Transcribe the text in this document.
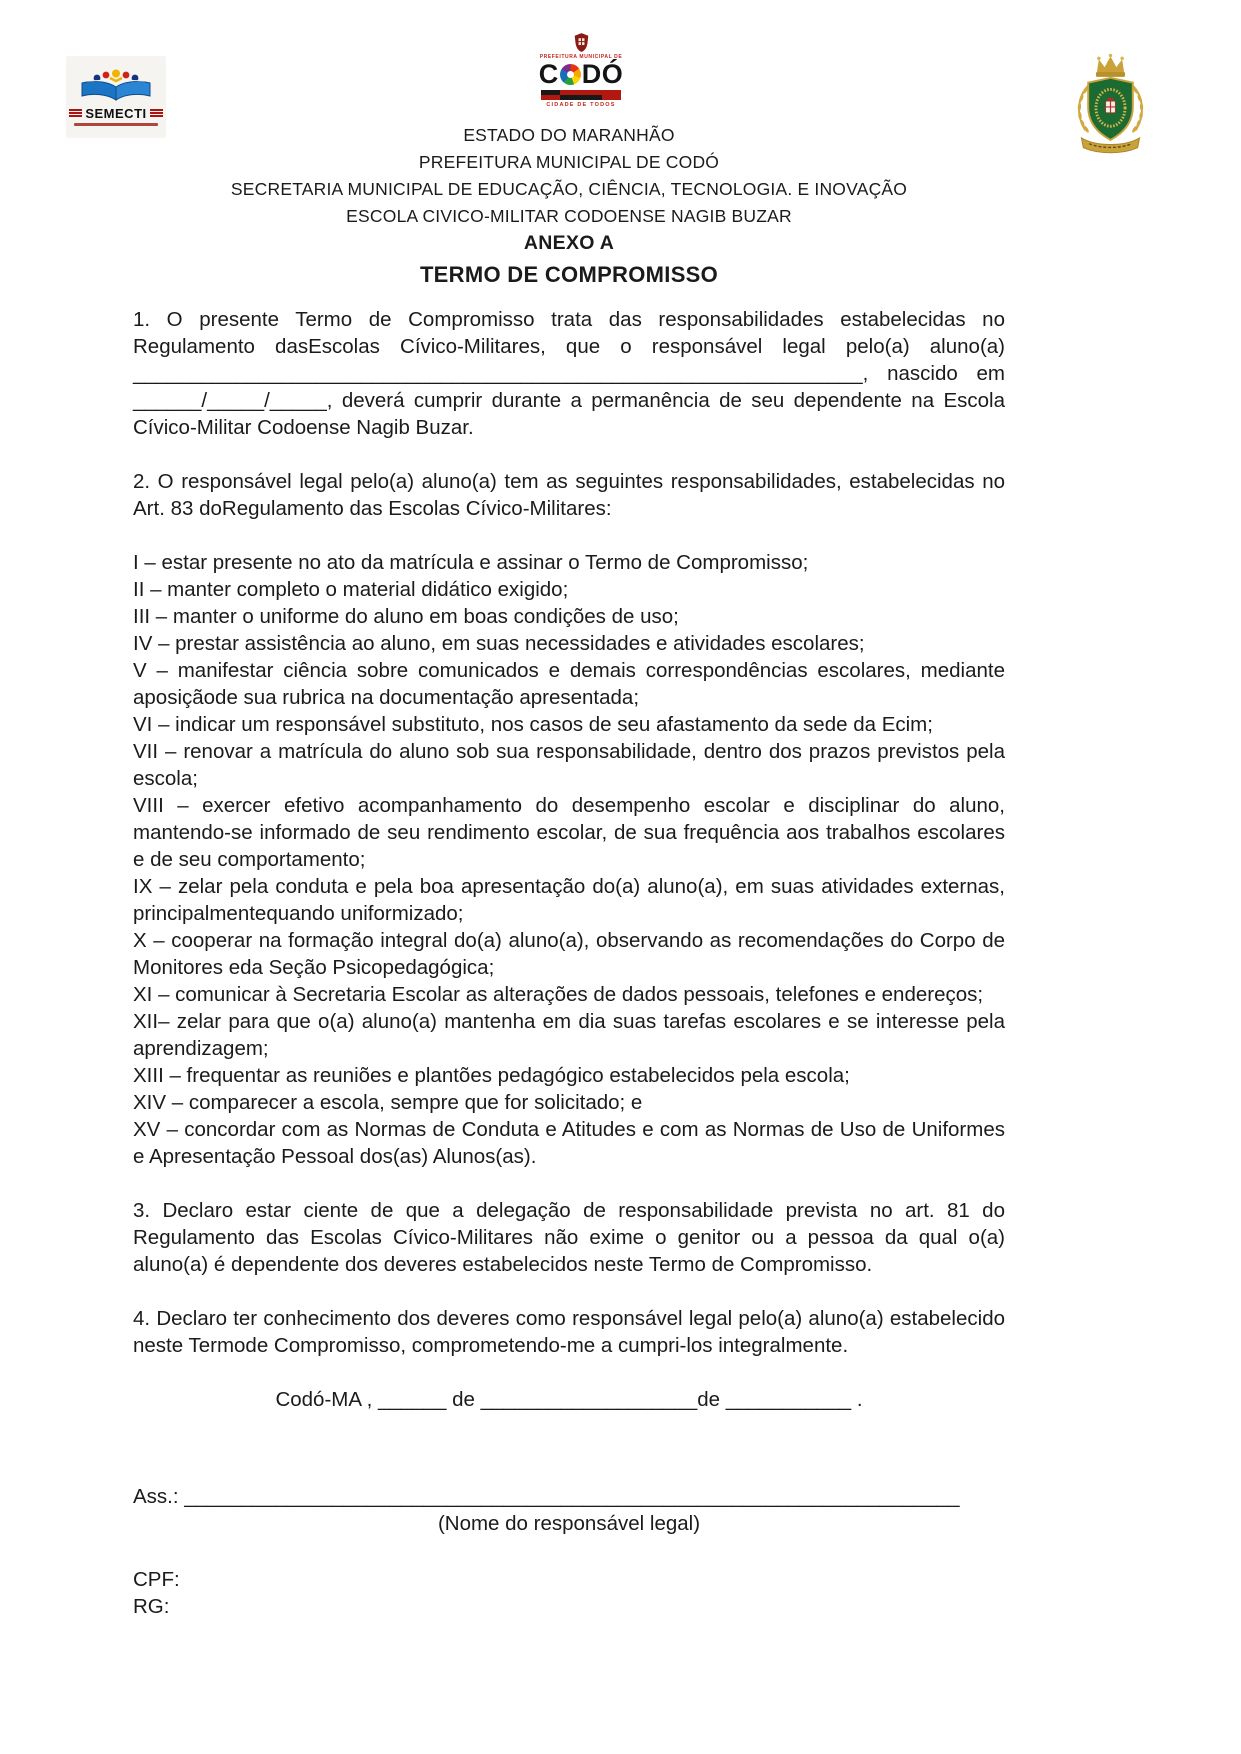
SEMECTI
PREFEITURA MUNICIPAL DE
C DÓ
CIDADE DE TODOS
ESTADO DO MARANHÃO
PREFEITURA MUNICIPAL DE CODÓ
SECRETARIA MUNICIPAL DE EDUCAÇÃO, CIÊNCIA, TECNOLOGIA. E INOVAÇÃO
ESCOLA CIVICO-MILITAR CODOENSE NAGIB BUZAR
ANEXO A
TERMO DE COMPROMISSO
1. O presente Termo de Compromisso trata das responsabilidades estabelecidas no Regulamento dasEscolas Cívico-Militares, que o responsável legal pelo(a) aluno(a) ________________________________________________________________, nascido em ______/_____/_____, deverá cumprir durante a permanência de seu dependente na Escola Cívico-Militar Codoense Nagib Buzar.
2. O responsável legal pelo(a) aluno(a) tem as seguintes responsabilidades, estabelecidas no Art. 83 doRegulamento das Escolas Cívico-Militares:
I – estar presente no ato da matrícula e assinar o Termo de Compromisso;
II – manter completo o material didático exigido;
III – manter o uniforme do aluno em boas condições de uso;
IV – prestar assistência ao aluno, em suas necessidades e atividades escolares;
V – manifestar ciência sobre comunicados e demais correspondências escolares, mediante aposiçãode sua rubrica na documentação apresentada;
VI – indicar um responsável substituto, nos casos de seu afastamento da sede da Ecim;
VII – renovar a matrícula do aluno sob sua responsabilidade, dentro dos prazos previstos pela escola;
VIII – exercer efetivo acompanhamento do desempenho escolar e disciplinar do aluno, mantendo-se informado de seu rendimento escolar, de sua frequência aos trabalhos escolares e de seu comportamento;
IX – zelar pela conduta e pela boa apresentação do(a) aluno(a), em suas atividades externas, principalmentequando uniformizado;
X – cooperar na formação integral do(a) aluno(a), observando as recomendações do Corpo de Monitores eda Seção Psicopedagógica;
XI – comunicar à Secretaria Escolar as alterações de dados pessoais, telefones e endereços;
XII– zelar para que o(a) aluno(a) mantenha em dia suas tarefas escolares e se interesse pela aprendizagem;
XIII – frequentar as reuniões e plantões pedagógico estabelecidos pela escola;
XIV – comparecer a escola, sempre que for solicitado; e
XV – concordar com as Normas de Conduta e Atitudes e com as Normas de Uso de Uniformes e Apresentação Pessoal dos(as) Alunos(as).
3. Declaro estar ciente de que a delegação de responsabilidade prevista no art. 81 do Regulamento das Escolas Cívico-Militares não exime o genitor ou a pessoa da qual o(a) aluno(a) é dependente dos deveres estabelecidos neste Termo de Compromisso.
4. Declaro ter conhecimento dos deveres como responsável legal pelo(a) aluno(a) estabelecido neste Termode Compromisso, comprometendo-me a cumpri-los integralmente.
Codó-MA , ______ de ___________________de ___________ .
Ass.: ____________________________________________________________________
(Nome do responsável legal)
CPF:
RG:
